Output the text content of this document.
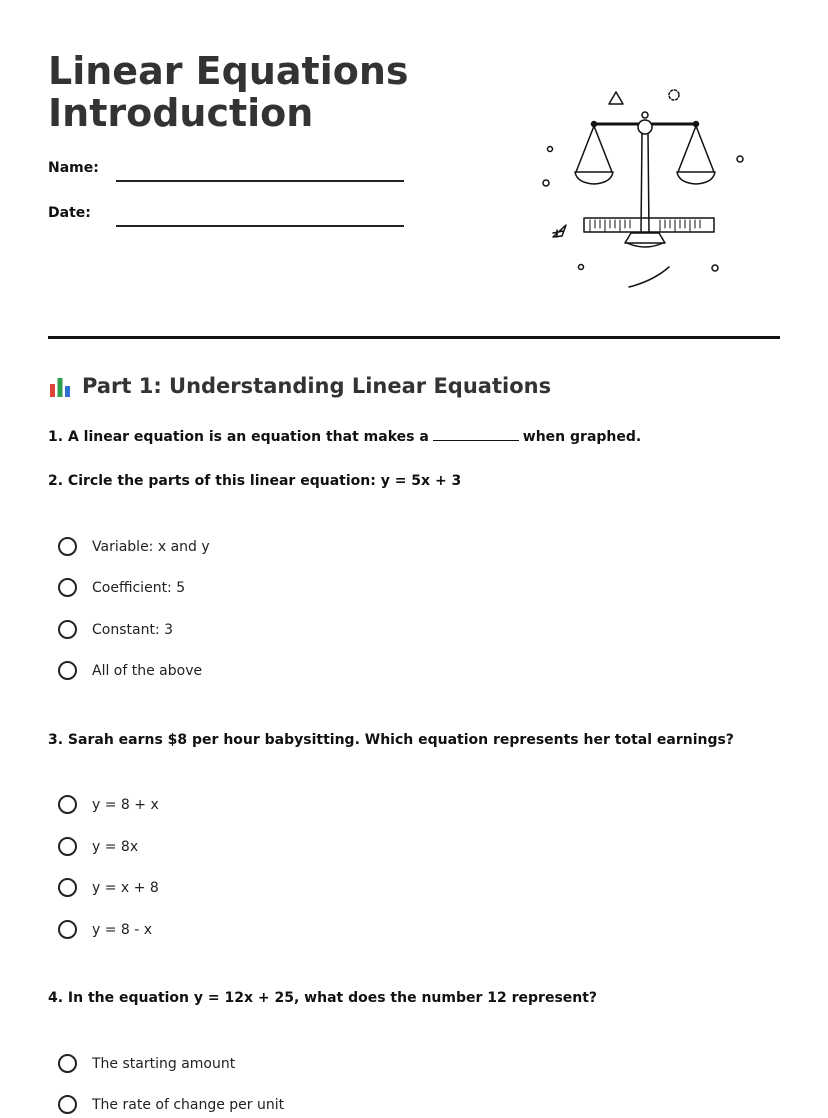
Linear Equations
Introduction
Name:
Date:
Part 1: Understanding Linear Equations

1. A linear equation is an equation that makes a	when graphed.

2. Circle the parts of this linear equation: y = 5x + 3

Variable: x and y
Coefficient: 5
Constant: 3
All of the above

3. Sarah earns $8 per hour babysitting. Which equation represents her total earnings?

y = 8 + x
y = 8x
y = x + 8
y = 8 - x

4. In the equation y = 12x + 25, what does the number 12 represent?

The starting amount
The rate of change per unit
